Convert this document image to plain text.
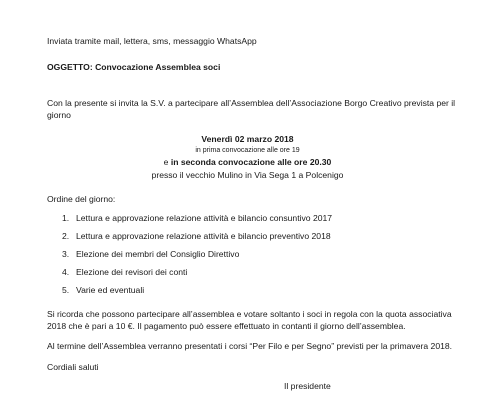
Inviata tramite mail, lettera, sms, messaggio WhatsApp
OGGETTO: Convocazione Assemblea soci
Con la presente si invita la S.V. a partecipare all’Assemblea dell’Associazione Borgo Creativo prevista per il
giorno
Venerdì 02 marzo 2018
in prima convocazione alle ore 19
e in seconda convocazione alle ore 20.30
presso il vecchio Mulino in Via Sega 1 a Polcenigo
Ordine del giorno:
1. Lettura e approvazione relazione attività e bilancio consuntivo 2017
2. Lettura e approvazione relazione attività e bilancio preventivo 2018
3. Elezione dei membri del Consiglio Direttivo
4. Elezione dei revisori dei conti
5. Varie ed eventuali
Si ricorda che possono partecipare all’assemblea e votare soltanto i soci in regola con la quota associativa
2018 che è pari a 10 €. Il pagamento può essere effettuato in contanti il giorno dell’assemblea.
Al termine dell’Assemblea verranno presentati i corsi “Per Filo e per Segno” previsti per la primavera 2018.
Cordiali saluti
Il presidente
